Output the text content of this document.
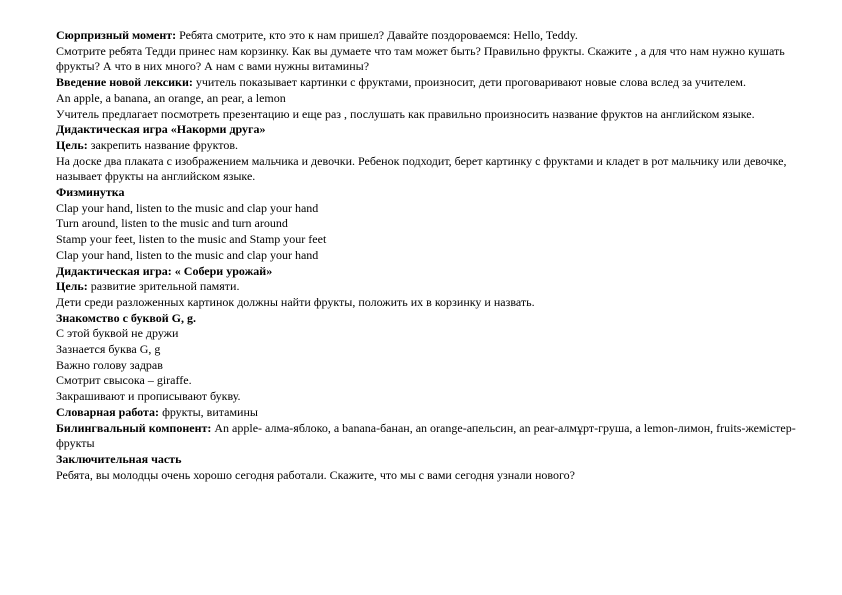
Сюрпризный момент: Ребята смотрите, кто это к нам пришел? Давайте поздороваемся: Hello, Teddy.
Смотрите ребята Тедди принес нам корзинку. Как вы думаете что там может быть? Правильно фрукты. Скажите , а для что нам нужно кушать фрукты? А что в них много? А нам с вами нужны витамины?
Введение новой лексики: учитель показывает картинки с фруктами, произносит, дети проговаривают новые слова вслед за учителем.
An apple, a banana, an orange, an pear, a lemon
Учитель предлагает посмотреть презентацию и еще раз , послушать как правильно произносить название фруктов на английском языке.
Дидактическая игра «Накорми друга»
Цель: закрепить название фруктов.
На доске два плаката с изображением мальчика и девочки. Ребенок подходит, берет картинку с фруктами и кладет в рот мальчику или девочке, называет фрукты на английском языке.
Физминутка
Clap your hand, listen to the music and clap your hand
Turn around, listen to the music and turn around
Stamp your feet, listen to the music and Stamp your feet
Clap your hand, listen to the music and clap your hand
Дидактическая игра: « Собери урожай»
Цель: развитие зрительной памяти.
Дети среди разложенных картинок должны найти фрукты, положить их в корзинку и назвать.
Знакомство с буквой G, g.
С этой буквой не дружи
Зазнается буква G, g
Важно голову задрав
Смотрит свысока – giraffe.
Закрашивают и прописывают букву.
Словарная работа: фрукты, витамины
Билингвальный компонент: An apple- алма-яблоко, a banana-банан, an orange-апельсин, an pear-алмұрт-груша, a lemon-лимон, fruits-жемістер-фрукты
Заключительная часть
Ребята, вы молодцы очень хорошо сегодня работали. Скажите, что мы с вами сегодня узнали нового?
